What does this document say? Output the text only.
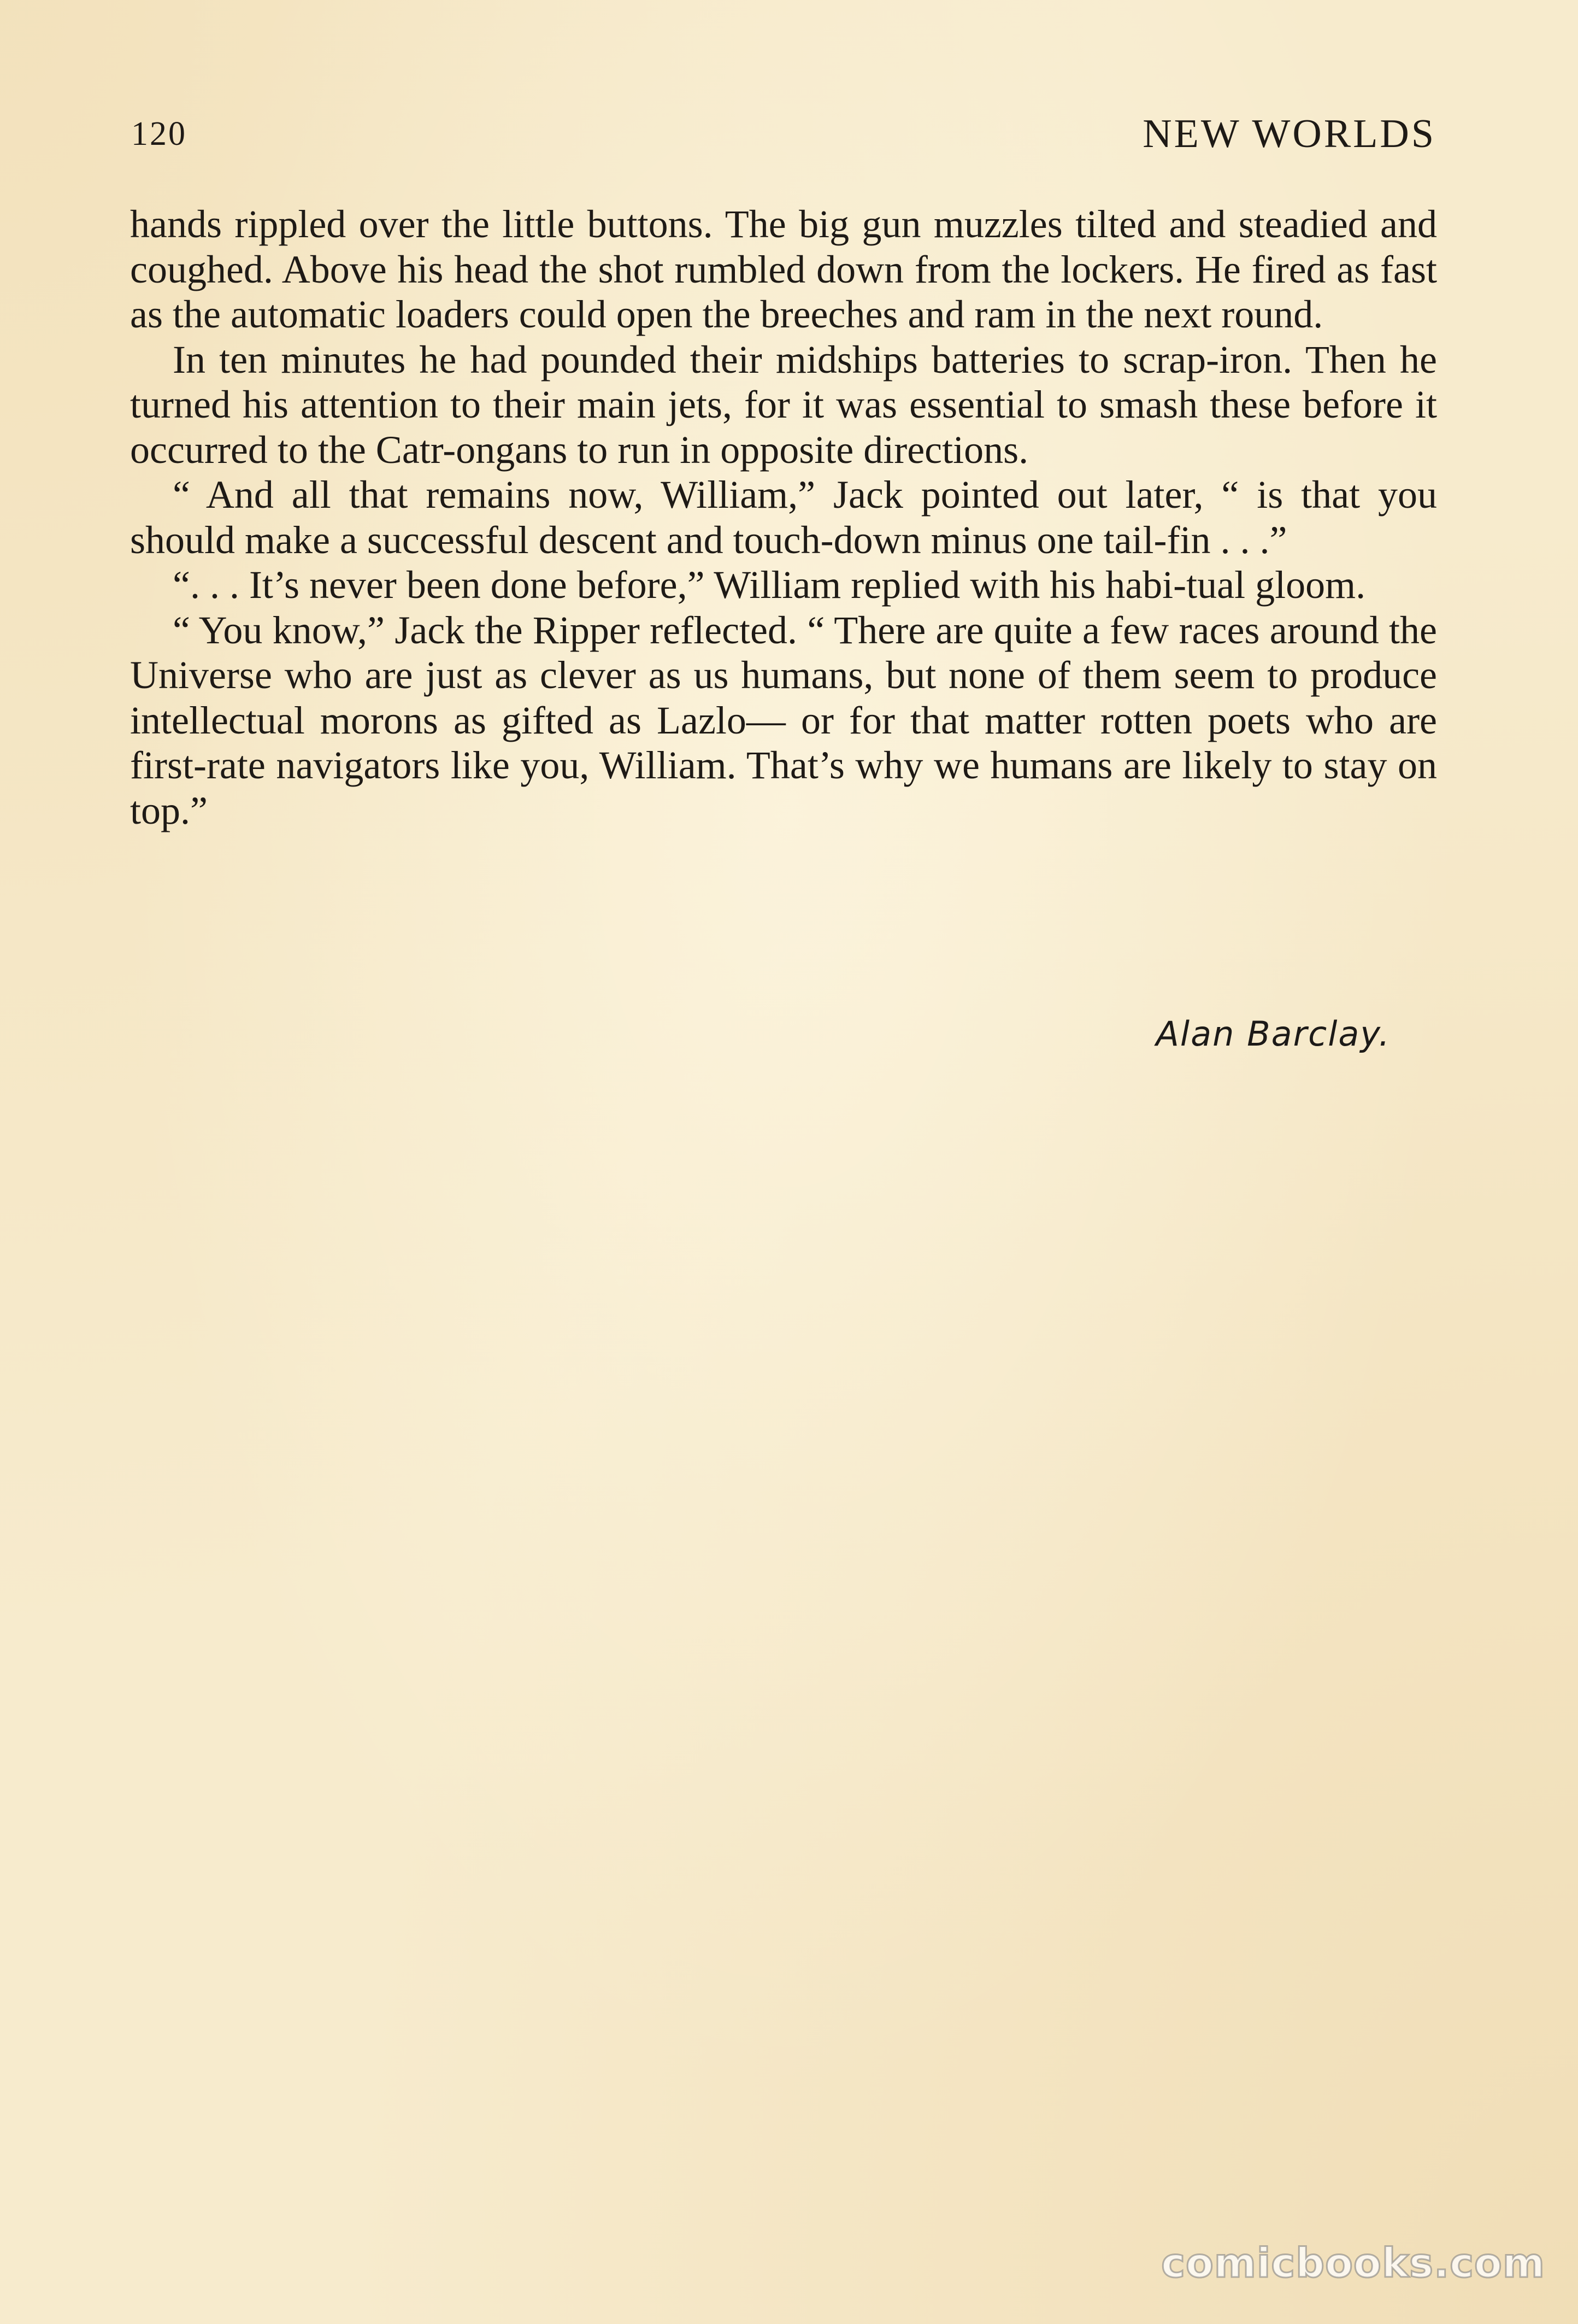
120	NEW WORLDS

hands rippled over the little buttons. The big gun muzzles tilted and steadied and coughed. Above his head the shot rumbled down from the lockers. He fired as fast as the automatic loaders could open the breeches and ram in the next round.

In ten minutes he had pounded their midships batteries to scrap-iron. Then he turned his attention to their main jets, for it was essential to smash these before it occurred to the Catr-ongans to run in opposite directions.

“ And all that remains now, William,” Jack pointed out later, “ is that you should make a successful descent and touch-down minus one tail-fin . . .”

“. . . It’s never been done before,” William replied with his habi-tual gloom.

“ You know,” Jack the Ripper reflected. “ There are quite a few races around the Universe who are just as clever as us humans, but none of them seem to produce intellectual morons as gifted as Lazlo— or for that matter rotten poets who are first-rate navigators like you, William. That’s why we humans are likely to stay on top.”

Alan Barclay.
comicbooks.com
